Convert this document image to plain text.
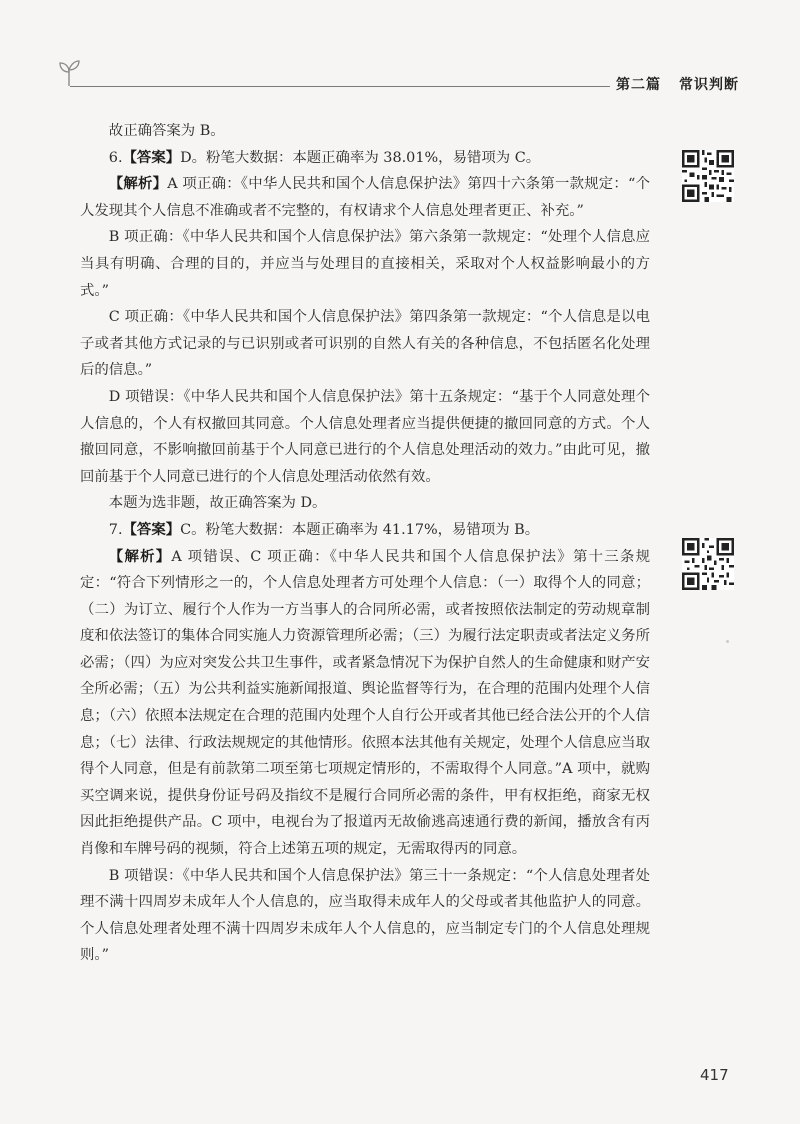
第二篇 常识判断

故正确答案为 B。

6.【答案】D。粉笔大数据：本题正确率为 38.01%，易错项为 C。

【解析】A 项正确：《中华人民共和国个人信息保护法》第四十六条第一款规定：“个人发现其个人信息不准确或者不完整的，有权请求个人信息处理者更正、补充。”

B 项正确：《中华人民共和国个人信息保护法》第六条第一款规定：“处理个人信息应当具有明确、合理的目的，并应当与处理目的直接相关，采取对个人权益影响最小的方式。”

C 项正确：《中华人民共和国个人信息保护法》第四条第一款规定：“个人信息是以电子或者其他方式记录的与已识别或者可识别的自然人有关的各种信息，不包括匿名化处理后的信息。”

D 项错误：《中华人民共和国个人信息保护法》第十五条规定：“基于个人同意处理个人信息的，个人有权撤回其同意。个人信息处理者应当提供便捷的撤回同意的方式。个人撤回同意，不影响撤回前基于个人同意已进行的个人信息处理活动的效力。”由此可见，撤回前基于个人同意已进行的个人信息处理活动依然有效。

本题为选非题，故正确答案为 D。

7.【答案】C。粉笔大数据：本题正确率为 41.17%，易错项为 B。

【解析】A 项错误、C 项正确：《中华人民共和国个人信息保护法》第十三条规定：“符合下列情形之一的，个人信息处理者方可处理个人信息：（一）取得个人的同意；（二）为订立、履行个人作为一方当事人的合同所必需，或者按照依法制定的劳动规章制度和依法签订的集体合同实施人力资源管理所必需；（三）为履行法定职责或者法定义务所必需；（四）为应对突发公共卫生事件，或者紧急情况下为保护自然人的生命健康和财产安全所必需；（五）为公共利益实施新闻报道、舆论监督等行为，在合理的范围内处理个人信息；（六）依照本法规定在合理的范围内处理个人自行公开或者其他已经合法公开的个人信息；（七）法律、行政法规规定的其他情形。依照本法其他有关规定，处理个人信息应当取得个人同意，但是有前款第二项至第七项规定情形的，不需取得个人同意。”A 项中，就购买空调来说，提供身份证号码及指纹不是履行合同所必需的条件，甲有权拒绝，商家无权因此拒绝提供产品。C 项中，电视台为了报道丙无故偷逃高速通行费的新闻，播放含有丙肖像和车牌号码的视频，符合上述第五项的规定，无需取得丙的同意。

B 项错误：《中华人民共和国个人信息保护法》第三十一条规定：“个人信息处理者处理不满十四周岁未成年人个人信息的，应当取得未成年人的父母或者其他监护人的同意。个人信息处理者处理不满十四周岁未成年人个人信息的，应当制定专门的个人信息处理规则。”

417
